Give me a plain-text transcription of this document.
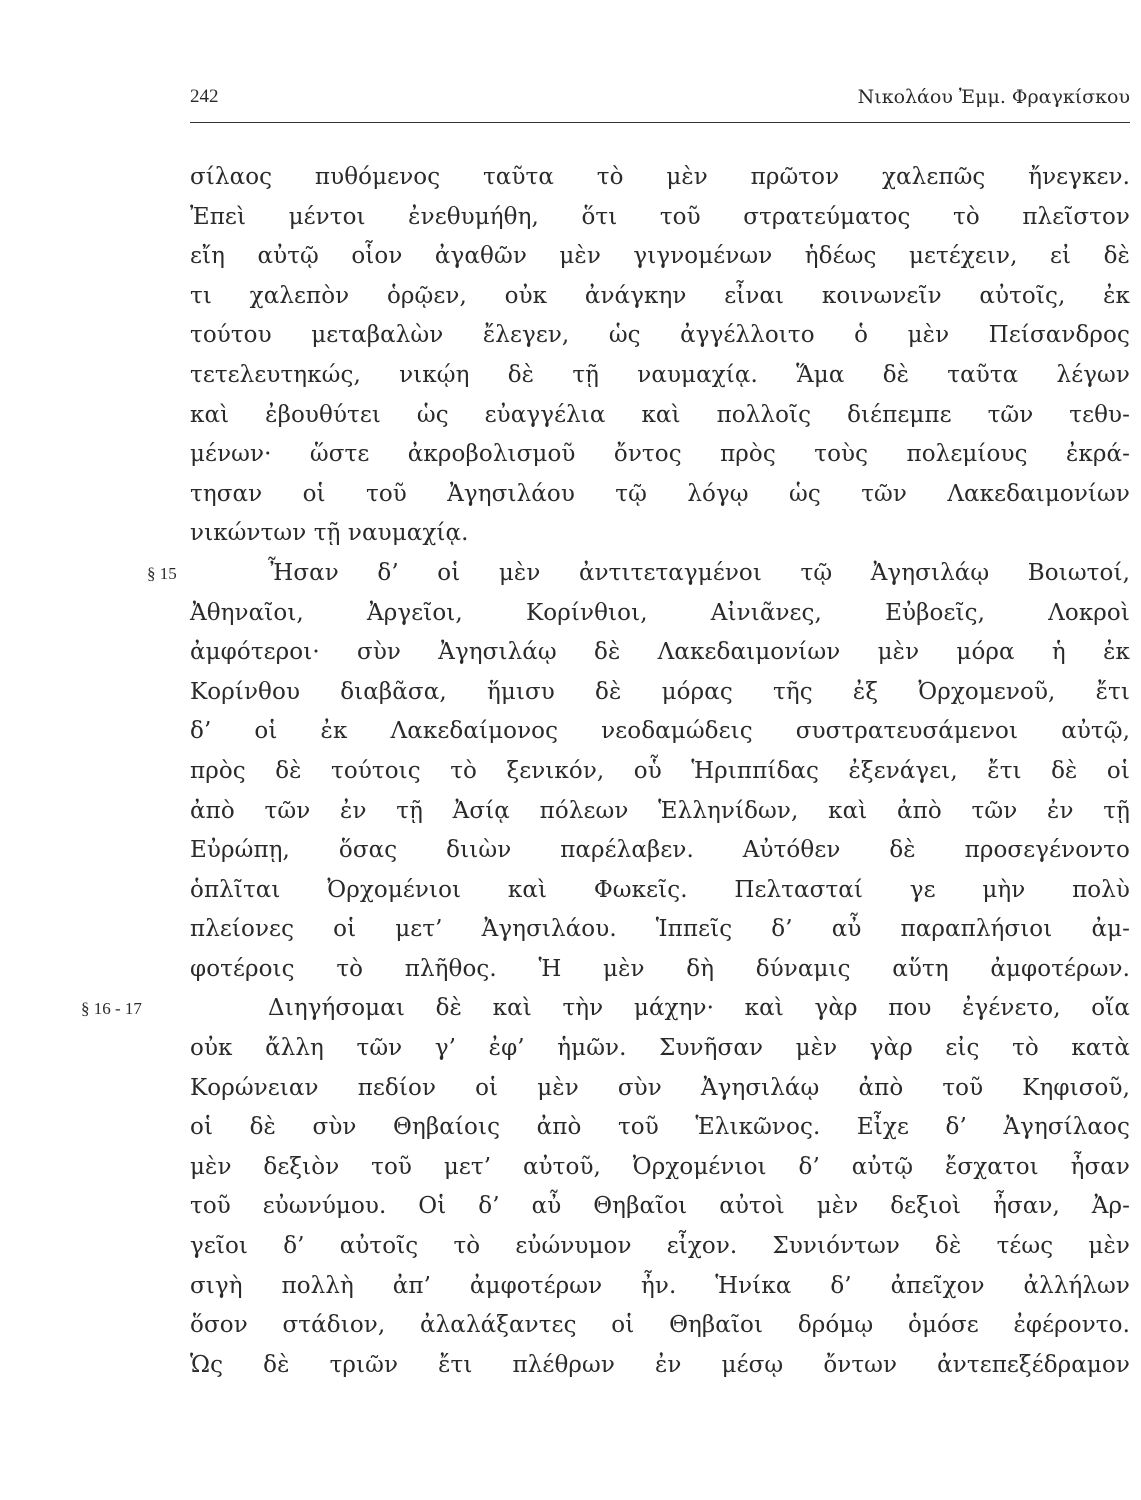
242	Νικολάου Ἐμμ. Φραγκίσκου
σίλαος πυθόμενος ταῦτα τὸ μὲν πρῶτον χαλεπῶς ἤνεγκεν.
Ἐπεὶ μέντοι ἐνεθυμήθη, ὅτι τοῦ στρατεύματος τὸ πλεῖστον
εἴη αὐτῷ οἷον ἀγαθῶν μὲν γιγνομένων ἡδέως μετέχειν, εἰ δὲ
τι χαλεπὸν ὁρῷεν, οὐκ ἀνάγκην εἶναι κοινωνεῖν αὐτοῖς, ἐκ
τούτου μεταβαλὼν ἔλεγεν, ὡς ἀγγέλλοιτο ὁ μὲν Πείσανδρος
τετελευτηκώς, νικῴη δὲ τῇ ναυμαχίᾳ. Ἅμα δὲ ταῦτα λέγων
καὶ ἐβουθύτει ὡς εὐαγγέλια καὶ πολλοῖς διέπεμπε τῶν τεθυ-
μένων· ὥστε ἀκροβολισμοῦ ὄντος πρὸς τοὺς πολεμίους ἐκρά-
τησαν οἱ τοῦ Ἀγησιλάου τῷ λόγῳ ὡς τῶν Λακεδαιμονίων
νικώντων τῇ ναυμαχίᾳ.
§ 15	Ἦσαν δ’ οἱ μὲν ἀντιτεταγμένοι τῷ Ἀγησιλάῳ Βοιωτοί,
Ἀθηναῖοι, Ἀργεῖοι, Κορίνθιοι, Αἰνιᾶνες, Εὐβοεῖς, Λοκροὶ
ἀμφότεροι· σὺν Ἀγησιλάῳ δὲ Λακεδαιμονίων μὲν μόρα ἡ ἐκ
Κορίνθου διαβᾶσα, ἥμισυ δὲ μόρας τῆς ἐξ Ὀρχομενοῦ, ἔτι
δ’ οἱ ἐκ Λακεδαίμονος νεοδαμώδεις συστρατευσάμενοι αὐτῷ,
πρὸς δὲ τούτοις τὸ ξενικόν, οὗ Ἡριππίδας ἐξενάγει, ἔτι δὲ οἱ
ἀπὸ τῶν ἐν τῇ Ἀσίᾳ πόλεων Ἑλληνίδων, καὶ ἀπὸ τῶν ἐν τῇ
Εὐρώπῃ, ὅσας διιὼν παρέλαβεν. Αὐτόθεν δὲ προσεγένοντο
ὁπλῖται Ὀρχομένιοι καὶ Φωκεῖς. Πελτασταί γε μὴν πολὺ
πλείονες οἱ μετ’ Ἀγησιλάου. Ἱππεῖς δ’ αὖ παραπλήσιοι ἀμ-
φοτέροις τὸ πλῆθος. Ἡ μὲν δὴ δύναμις αὕτη ἀμφοτέρων.
§ 16 - 17	Διηγήσομαι δὲ καὶ τὴν μάχην· καὶ γὰρ που ἐγένετο, οἵα
οὐκ ἄλλη τῶν γ’ ἐφ’ ἡμῶν. Συνῆσαν μὲν γὰρ εἰς τὸ κατὰ
Κορώνειαν πεδίον οἱ μὲν σὺν Ἀγησιλάῳ ἀπὸ τοῦ Κηφισοῦ,
οἱ δὲ σὺν Θηβαίοις ἀπὸ τοῦ Ἑλικῶνος. Εἶχε δ’ Ἀγησίλαος
μὲν δεξιὸν τοῦ μετ’ αὐτοῦ, Ὀρχομένιοι δ’ αὐτῷ ἔσχατοι ἦσαν
τοῦ εὐωνύμου. Οἱ δ’ αὖ Θηβαῖοι αὐτοὶ μὲν δεξιοὶ ἦσαν, Ἀρ-
γεῖοι δ’ αὐτοῖς τὸ εὐώνυμον εἶχον. Συνιόντων δὲ τέως μὲν
σιγὴ πολλὴ ἀπ’ ἀμφοτέρων ἦν. Ἡνίκα δ’ ἀπεῖχον ἀλλήλων
ὅσον στάδιον, ἀλαλάξαντες οἱ Θηβαῖοι δρόμῳ ὁμόσε ἐφέροντο.
Ὡς δὲ τριῶν ἔτι πλέθρων ἐν μέσῳ ὄντων ἀντεπεξέδραμον
